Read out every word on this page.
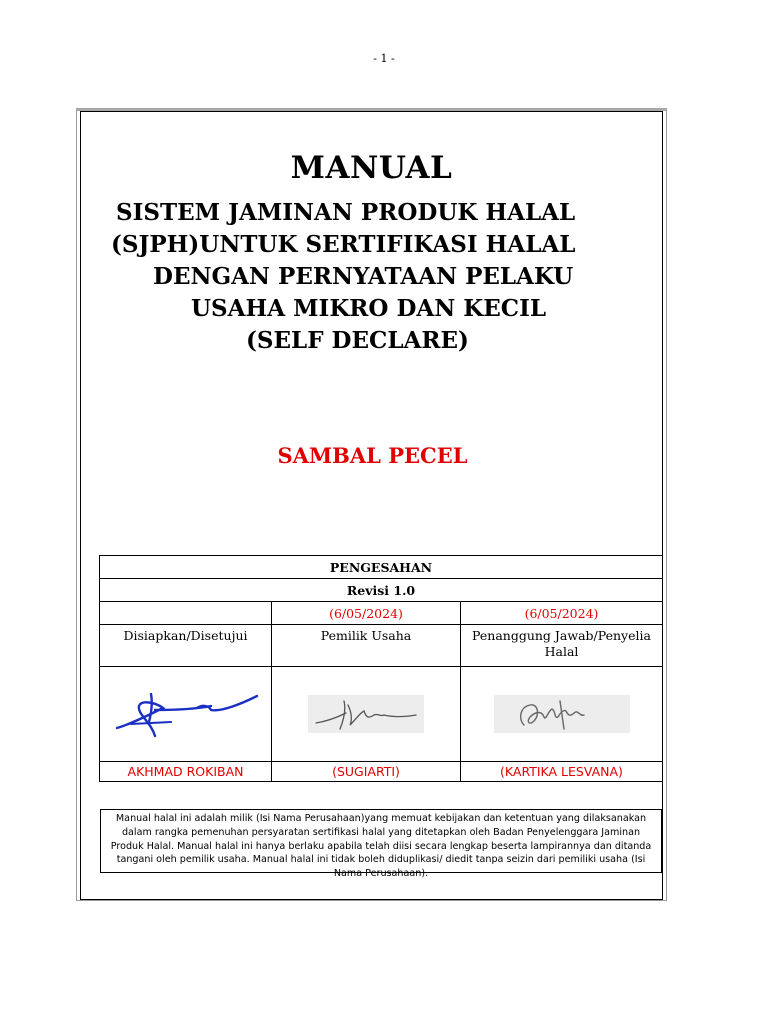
- 1 -
MANUAL
SISTEM JAMINAN PRODUK HALAL
(SJPH)UNTUK SERTIFIKASI HALAL
DENGAN PERNYATAAN PELAKU
USAHA MIKRO DAN KECIL
(SELF DECLARE)
SAMBAL PECEL
PENGESAHAN		
Revisi 1.0		
	(6/05/2024)	(6/05/2024)
Disiapkan/Disetujui	Pemilik Usaha	Penanggung Jawab/Penyelia Halal

AKHMAD ROKIBAN	(SUGIARTI)	(KARTIKA LESVANA)
Manual halal ini adalah milik (Isi Nama Perusahaan)yang memuat kebijakan dan ketentuan yang dilaksanakan dalam rangka pemenuhan persyaratan sertifikasi halal yang ditetapkan oleh Badan Penyelenggara Jaminan Produk Halal. Manual halal ini hanya berlaku apabila telah diisi secara lengkap beserta lampirannya dan ditanda tangani oleh pemilik usaha. Manual halal ini tidak boleh diduplikasi/ diedit tanpa seizin dari pemiliki usaha (Isi Nama Perusahaan).
